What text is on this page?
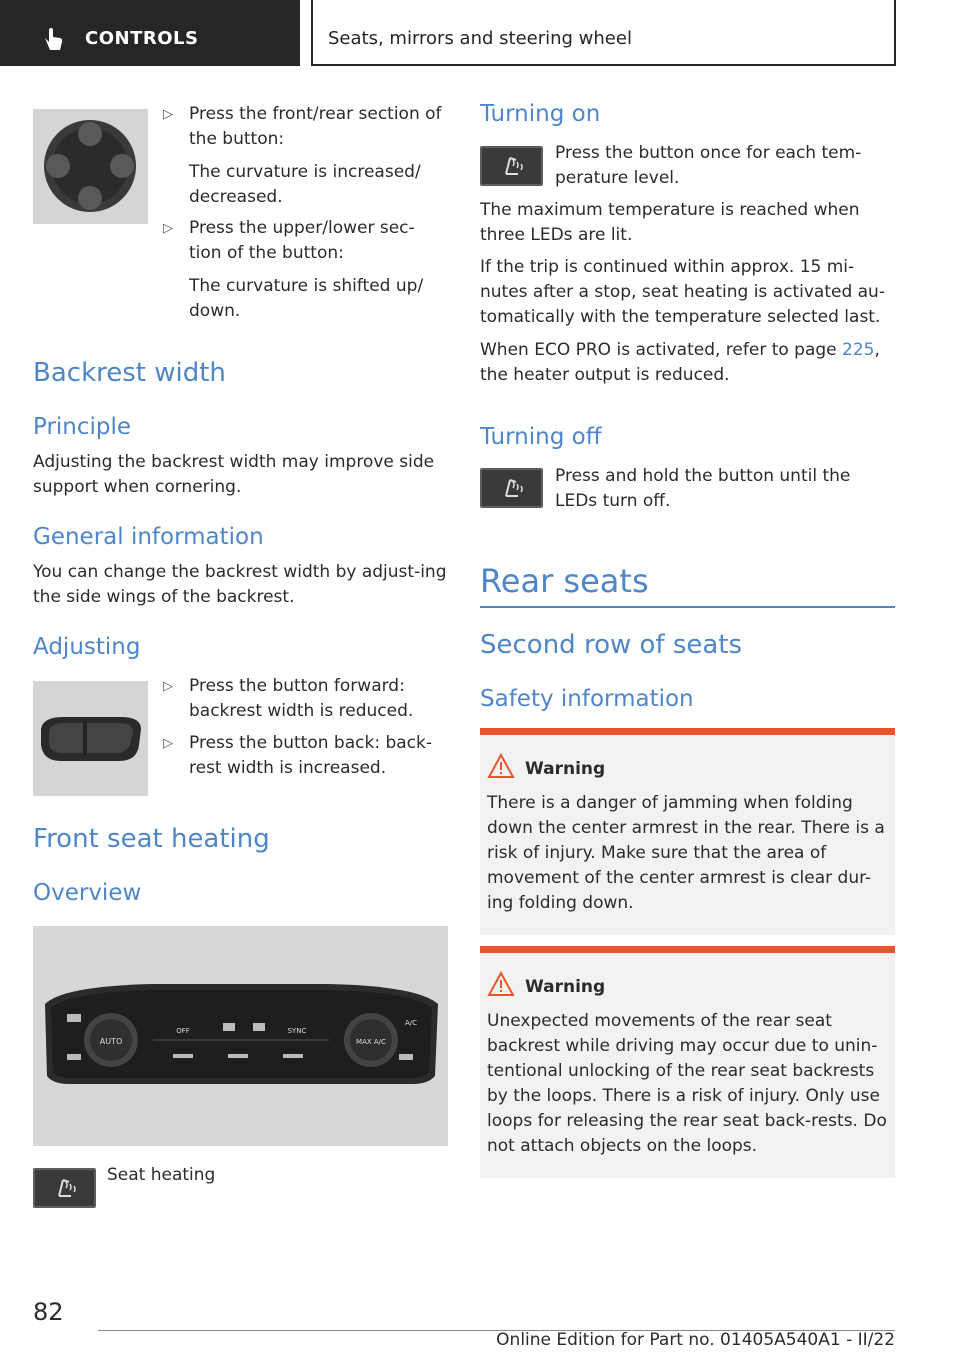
CONTROLS	Seats, mirrors and steering wheel
▷ Press the front/rear section of the button:
The curvature is increased/ decreased.
▷ Press the upper/lower sec-tion of the button:
The curvature is shifted up/ down.
Backrest width
Principle
Adjusting the backrest width may improve side support when cornering.
General information
You can change the backrest width by adjust-ing the side wings of the backrest.
Adjusting
▷ Press the button forward: backrest width is reduced.
▷ Press the button back: back-rest width is increased.
Front seat heating
Overview
AUTO
OFF	SYNC
MAX A/C
A/C
Seat heating
Turning on
Press the button once for each tem-perature level.
The maximum temperature is reached when three LEDs are lit.
If the trip is continued within approx. 15 mi-nutes after a stop, seat heating is activated au-tomatically with the temperature selected last.
When ECO PRO is activated, refer to page 225, the heater output is reduced.
Turning off
Press and hold the button until the LEDs turn off.
Rear seats
Second row of seats
Safety information
Warning
There is a danger of jamming when folding down the center armrest in the rear. There is a risk of injury. Make sure that the area of movement of the center armrest is clear dur-ing folding down.
Warning
Unexpected movements of the rear seat backrest while driving may occur due to unin-tentional unlocking of the rear seat backrests by the loops. There is a risk of injury. Only use loops for releasing the rear seat back-rests. Do not attach objects on the loops.
82
Online Edition for Part no. 01405A540A1 - II/22
